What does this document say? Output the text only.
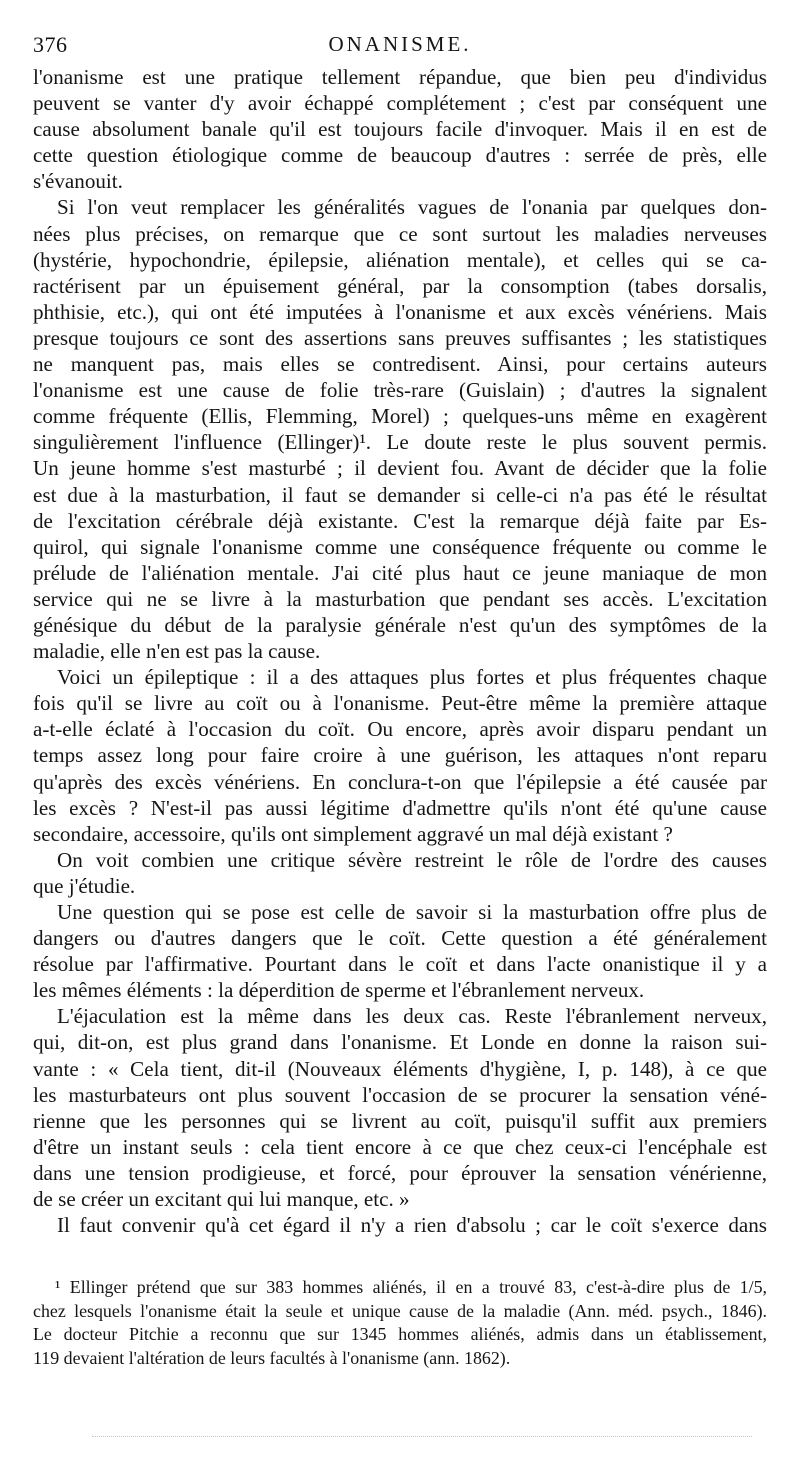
376	ONANISME.
l'onanisme est une pratique tellement répandue, que bien peu d'individus
peuvent se vanter d'y avoir échappé complétement ; c'est par conséquent une
cause absolument banale qu'il est toujours facile d'invoquer. Mais il en est de
cette question étiologique comme de beaucoup d'autres : serrée de près, elle
s'évanouit.
Si l'on veut remplacer les généralités vagues de l'onania par quelques don-
nées plus précises, on remarque que ce sont surtout les maladies nerveuses
(hystérie, hypochondrie, épilepsie, aliénation mentale), et celles qui se ca-
ractérisent par un épuisement général, par la consomption (tabes dorsalis,
phthisie, etc.), qui ont été imputées à l'onanisme et aux excès vénériens. Mais
presque toujours ce sont des assertions sans preuves suffisantes ; les statistiques
ne manquent pas, mais elles se contredisent. Ainsi, pour certains auteurs
l'onanisme est une cause de folie très-rare (Guislain) ; d'autres la signalent
comme fréquente (Ellis, Flemming, Morel) ; quelques-uns même en exagèrent
singulièrement l'influence (Ellinger)¹. Le doute reste le plus souvent permis.
Un jeune homme s'est masturbé ; il devient fou. Avant de décider que la folie
est due à la masturbation, il faut se demander si celle-ci n'a pas été le résultat
de l'excitation cérébrale déjà existante. C'est la remarque déjà faite par Es-
quirol, qui signale l'onanisme comme une conséquence fréquente ou comme le
prélude de l'aliénation mentale. J'ai cité plus haut ce jeune maniaque de mon
service qui ne se livre à la masturbation que pendant ses accès. L'excitation
génésique du début de la paralysie générale n'est qu'un des symptômes de la
maladie, elle n'en est pas la cause.
Voici un épileptique : il a des attaques plus fortes et plus fréquentes chaque
fois qu'il se livre au coït ou à l'onanisme. Peut-être même la première attaque
a-t-elle éclaté à l'occasion du coït. Ou encore, après avoir disparu pendant un
temps assez long pour faire croire à une guérison, les attaques n'ont reparu
qu'après des excès vénériens. En conclura-t-on que l'épilepsie a été causée par
les excès ? N'est-il pas aussi légitime d'admettre qu'ils n'ont été qu'une cause
secondaire, accessoire, qu'ils ont simplement aggravé un mal déjà existant ?
On voit combien une critique sévère restreint le rôle de l'ordre des causes
que j'étudie.
Une question qui se pose est celle de savoir si la masturbation offre plus de
dangers ou d'autres dangers que le coït. Cette question a été généralement
résolue par l'affirmative. Pourtant dans le coït et dans l'acte onanistique il y a
les mêmes éléments : la déperdition de sperme et l'ébranlement nerveux.
L'éjaculation est la même dans les deux cas. Reste l'ébranlement nerveux,
qui, dit-on, est plus grand dans l'onanisme. Et Londe en donne la raison sui-
vante : « Cela tient, dit-il (Nouveaux éléments d'hygiène, I, p. 148), à ce que
les masturbateurs ont plus souvent l'occasion de se procurer la sensation véné-
rienne que les personnes qui se livrent au coït, puisqu'il suffit aux premiers
d'être un instant seuls : cela tient encore à ce que chez ceux-ci l'encéphale est
dans une tension prodigieuse, et forcé, pour éprouver la sensation vénérienne,
de se créer un excitant qui lui manque, etc. »
Il faut convenir qu'à cet égard il n'y a rien d'absolu ; car le coït s'exerce dans
¹ Ellinger prétend que sur 383 hommes aliénés, il en a trouvé 83, c'est-à-dire plus de 1/5,
chez lesquels l'onanisme était la seule et unique cause de la maladie (Ann. méd. psych., 1846).
Le docteur Pitchie a reconnu que sur 1345 hommes aliénés, admis dans un établissement,
119 devaient l'altération de leurs facultés à l'onanisme (ann. 1862).
